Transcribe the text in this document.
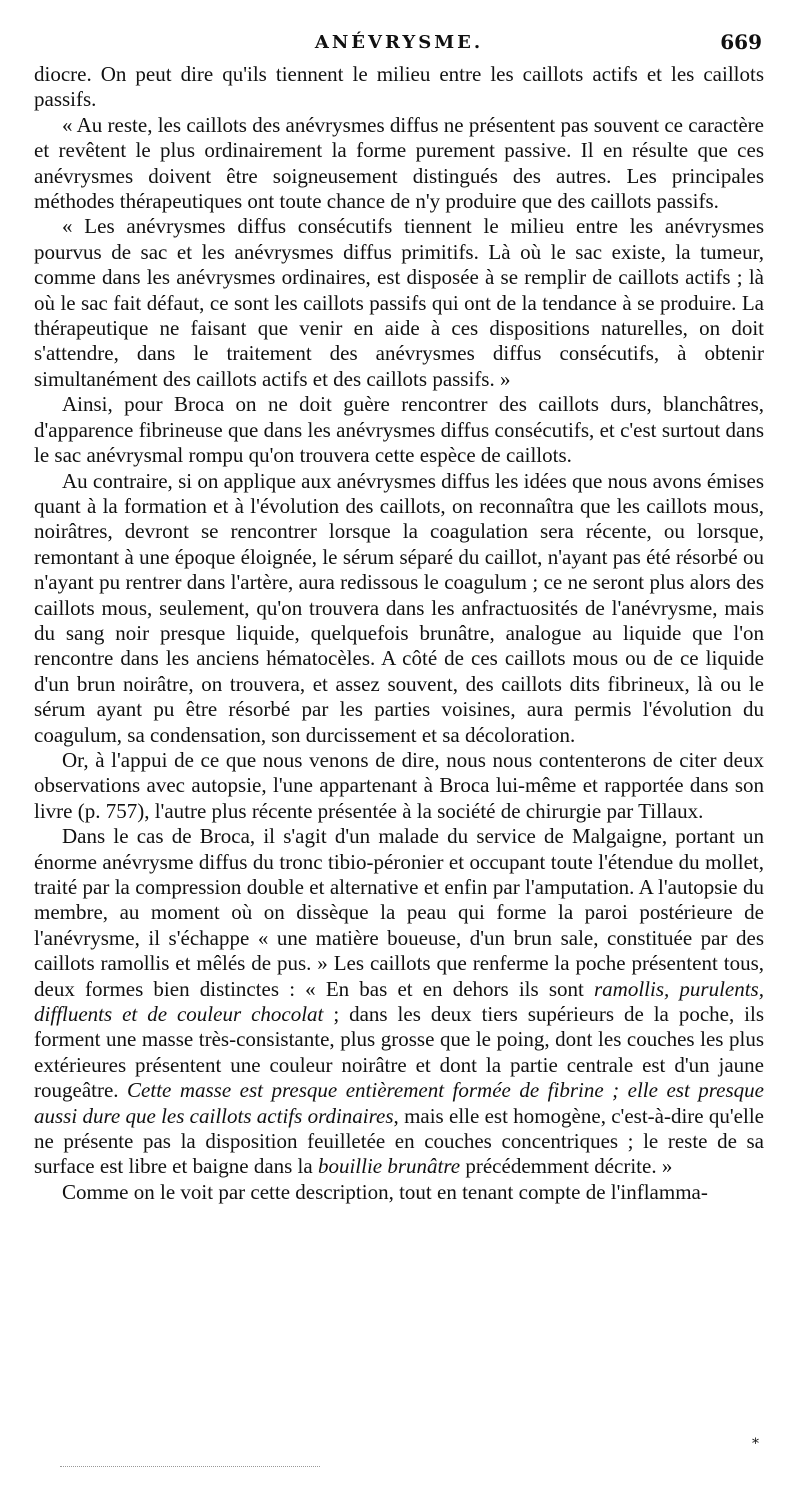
ANÉVRYSME.	669

diocre. On peut dire qu'ils tiennent le milieu entre les caillots actifs et les caillots passifs.

« Au reste, les caillots des anévrysmes diffus ne présentent pas souvent ce caractère et revêtent le plus ordinairement la forme purement passive. Il en résulte que ces anévrysmes doivent être soigneusement distingués des autres. Les principales méthodes thérapeutiques ont toute chance de n'y produire que des caillots passifs.

« Les anévrysmes diffus consécutifs tiennent le milieu entre les anévrysmes pourvus de sac et les anévrysmes diffus primitifs. Là où le sac existe, la tumeur, comme dans les anévrysmes ordinaires, est disposée à se remplir de caillots actifs ; là où le sac fait défaut, ce sont les caillots passifs qui ont de la tendance à se produire. La thérapeutique ne faisant que venir en aide à ces dispositions naturelles, on doit s'attendre, dans le traitement des anévrysmes diffus consécutifs, à obtenir simultanément des caillots actifs et des caillots passifs. »

Ainsi, pour Broca on ne doit guère rencontrer des caillots durs, blanchâtres, d'apparence fibrineuse que dans les anévrysmes diffus consécutifs, et c'est surtout dans le sac anévrysmal rompu qu'on trouvera cette espèce de caillots.

Au contraire, si on applique aux anévrysmes diffus les idées que nous avons émises quant à la formation et à l'évolution des caillots, on reconnaîtra que les caillots mous, noirâtres, devront se rencontrer lorsque la coagulation sera récente, ou lorsque, remontant à une époque éloignée, le sérum séparé du caillot, n'ayant pas été résorbé ou n'ayant pu rentrer dans l'artère, aura redissous le coagulum ; ce ne seront plus alors des caillots mous, seulement, qu'on trouvera dans les anfractuosités de l'anévrysme, mais du sang noir presque liquide, quelquefois brunâtre, analogue au liquide que l'on rencontre dans les anciens hématocèles. A côté de ces caillots mous ou de ce liquide d'un brun noirâtre, on trouvera, et assez souvent, des caillots dits fibrineux, là ou le sérum ayant pu être résorbé par les parties voisines, aura permis l'évolution du coagulum, sa condensation, son durcissement et sa décoloration.

Or, à l'appui de ce que nous venons de dire, nous nous contenterons de citer deux observations avec autopsie, l'une appartenant à Broca lui-même et rapportée dans son livre (p. 757), l'autre plus récente présentée à la société de chirurgie par Tillaux.

Dans le cas de Broca, il s'agit d'un malade du service de Malgaigne, portant un énorme anévrysme diffus du tronc tibio-péronier et occupant toute l'étendue du mollet, traité par la compression double et alternative et enfin par l'amputation. A l'autopsie du membre, au moment où on dissèque la peau qui forme la paroi postérieure de l'anévrysme, il s'échappe « une matière boueuse, d'un brun sale, constituée par des caillots ramollis et mêlés de pus. » Les caillots que renferme la poche présentent tous, deux formes bien distinctes : « En bas et en dehors ils sont ramollis, purulents, diffluents et de couleur chocolat ; dans les deux tiers supérieurs de la poche, ils forment une masse très-consistante, plus grosse que le poing, dont les couches les plus extérieures présentent une couleur noirâtre et dont la partie centrale est d'un jaune rougeâtre. Cette masse est presque entièrement formée de fibrine ; elle est presque aussi dure que les caillots actifs ordinaires, mais elle est homogène, c'est-à-dire qu'elle ne présente pas la disposition feuilletée en couches concentriques ; le reste de sa surface est libre et baigne dans la bouillie brunâtre précédemment décrite. »

Comme on le voit par cette description, tout en tenant compte de l'inflamma-

*
